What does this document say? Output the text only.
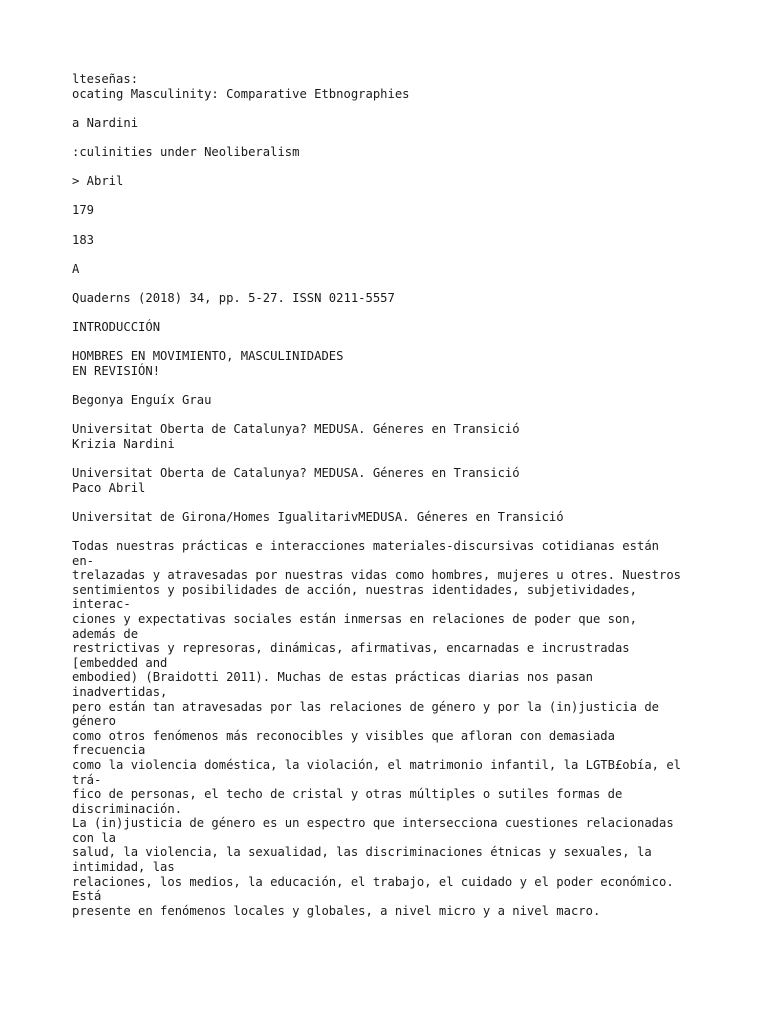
lteseñas:
ocating Masculinity: Comparative Etbnographies
a Nardini
:culinities under Neoliberalism
> Abril
179
183
A
Quaderns (2018) 34, pp. 5-27. ISSN 0211-5557
INTRODUCCIÓN
HOMBRES EN MOVIMIENTO, MASCULINIDADES
EN REVISIÓN!
Begonya Enguíx Grau
Universitat Oberta de Catalunya? MEDUSA. Géneres en Transició
Krizia Nardini
Universitat Oberta de Catalunya? MEDUSA. Géneres en Transició
Paco Abril
Universitat de Girona/Homes IgualitarivMEDUSA. Géneres en Transició
Todas nuestras prácticas e interacciones materiales-discursivas cotidianas están
en-
trelazadas y atravesadas por nuestras vidas como hombres, mujeres u otres. Nuestros
sentimientos y posibilidades de acción, nuestras identidades, subjetividades,
interac-
ciones y expectativas sociales están inmersas en relaciones de poder que son,
además de
restrictivas y represoras, dinámicas, afirmativas, encarnadas e incrustradas
[embedded and
embodied) (Braidotti 2011). Muchas de estas prácticas diarias nos pasan
inadvertidas,
pero están tan atravesadas por las relaciones de género y por la (in)justicia de
género
como otros fenómenos más reconocibles y visibles que afloran con demasiada
frecuencia
como la violencia doméstica, la violación, el matrimonio infantil, la LGTB£obía, el
trá-
fico de personas, el techo de cristal y otras múltiples o sutiles formas de
discriminación.
La (in)justicia de género es un espectro que intersecciona cuestiones relacionadas
con la
salud, la violencia, la sexualidad, las discriminaciones étnicas y sexuales, la
intimidad, las
relaciones, los medios, la educación, el trabajo, el cuidado y el poder económico.
Está
presente en fenómenos locales y globales, a nivel micro y a nivel macro.
